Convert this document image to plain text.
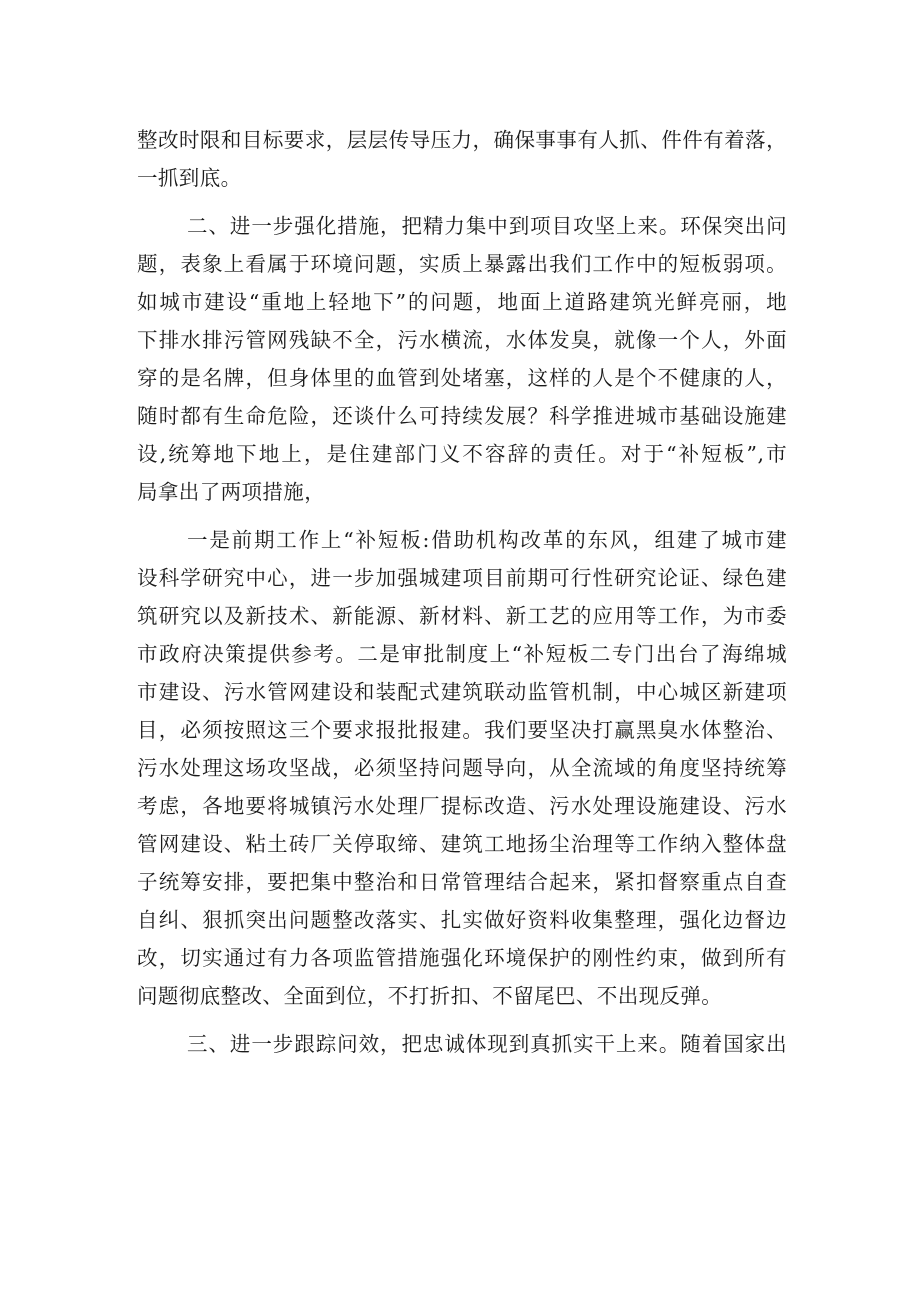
整改时限和目标要求，层层传导压力，确保事事有人抓、件件有着落，
一抓到底。
二、进一步强化措施，把精力集中到项目攻坚上来。环保突出问
题，表象上看属于环境问题，实质上暴露出我们工作中的短板弱项。
如城市建设“重地上轻地下”的问题，地面上道路建筑光鲜亮丽，地
下排水排污管网残缺不全，污水横流，水体发臭，就像一个人，外面
穿的是名牌，但身体里的血管到处堵塞，这样的人是个不健康的人，
随时都有生命危险，还谈什么可持续发展？科学推进城市基础设施建
设,统筹地下地上，是住建部门义不容辞的责任。对于“补短板”,市
局拿出了两项措施，
一是前期工作上“补短板:借助机构改革的东风，组建了城市建
设科学研究中心，进一步加强城建项目前期可行性研究论证、绿色建
筑研究以及新技术、新能源、新材料、新工艺的应用等工作，为市委
市政府决策提供参考。二是审批制度上“补短板二专门出台了海绵城
市建设、污水管网建设和装配式建筑联动监管机制，中心城区新建项
目，必须按照这三个要求报批报建。我们要坚决打赢黑臭水体整治、
污水处理这场攻坚战，必须坚持问题导向，从全流域的角度坚持统筹
考虑，各地要将城镇污水处理厂提标改造、污水处理设施建设、污水
管网建设、粘土砖厂关停取缔、建筑工地扬尘治理等工作纳入整体盘
子统筹安排，要把集中整治和日常管理结合起来，紧扣督察重点自查
自纠、狠抓突出问题整改落实、扎实做好资料收集整理，强化边督边
改，切实通过有力各项监管措施强化环境保护的刚性约束，做到所有
问题彻底整改、全面到位，不打折扣、不留尾巴、不出现反弹。
三、进一步跟踪问效，把忠诚体现到真抓实干上来。随着国家出
